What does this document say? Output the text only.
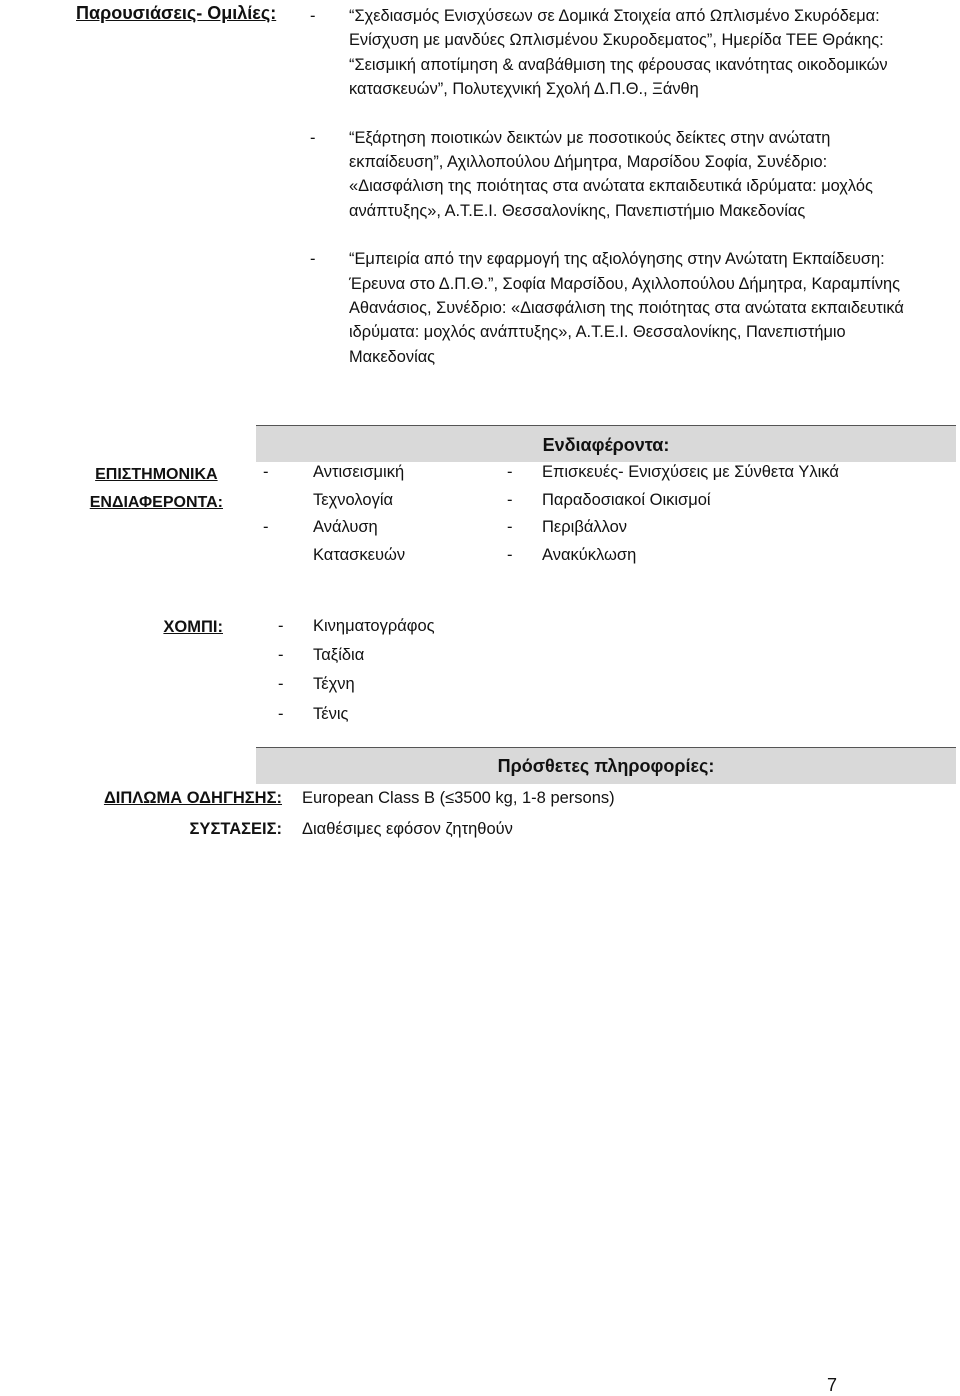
Παρουσιάσεις- Ομιλίες: - “Σχεδιασμός Ενισχύσεων σε Δομικά Στοιχεία από Ωπλισμένο Σκυρόδεμα: Ενίσχυση με μανδύες Ωπλισμένου Σκυροδεματος”, Ημερίδα ΤΕΕ Θράκης: “Σεισμική αποτίμηση & αναβάθμιση της φέρουσας ικανότητας οικοδομικών κατασκευών”, Πολυτεχνική Σχολή Δ.Π.Θ., Ξάνθη
- “Εξάρτηση ποιοτικών δεικτών με ποσοτικούς δείκτες στην ανώτατη εκπαίδευση”, Αχιλλοπούλου Δήμητρα, Μαρσίδου Σοφία, Συνέδριο: «Διασφάλιση της ποιότητας στα ανώτατα εκπαιδευτικά ιδρύματα: μοχλός ανάπτυξης», Α.Τ.Ε.Ι. Θεσσαλονίκης, Πανεπιστήμιο Μακεδονίας
- “Εμπειρία από την εφαρμογή της αξιολόγησης στην Ανώτατη Εκπαίδευση: Έρευνα στο Δ.Π.Θ.”, Σοφία Μαρσίδου, Αχιλλοπούλου Δήμητρα, Καραμπίνης Αθανάσιος, Συνέδριο: «Διασφάλιση της ποιότητας στα ανώτατα εκπαιδευτικά ιδρύματα: μοχλός ανάπτυξης», Α.Τ.Ε.Ι. Θεσσαλονίκης, Πανεπιστήμιο Μακεδονίας
Ενδιαφέροντα:
ΕΠΙΣΤΗΜΟΝΙΚΑ
ΕΝΔΙΑΦΕΡΟΝΤΑ:
-	Αντισεισμική
Τεχνολογία
-	Ανάλυση
Κατασκευών
- Επισκευές- Ενισχύσεις με Σύνθετα Υλικά
- Παραδοσιακοί Οικισμοί
- Περιβάλλον
- Ανακύκλωση
ΧΟΜΠΙ:	- Κινηματογράφος
- Ταξίδια
- Τέχνη
- Τένις
Πρόσθετες πληροφορίες:
ΔΙΠΛΩΜΑ ΟΔΗΓΗΣΗΣ: European Class B (≤3500 kg, 1-8 persons)
ΣΥΣΤΑΣΕΙΣ: Διαθέσιμες εφόσον ζητηθούν
7
